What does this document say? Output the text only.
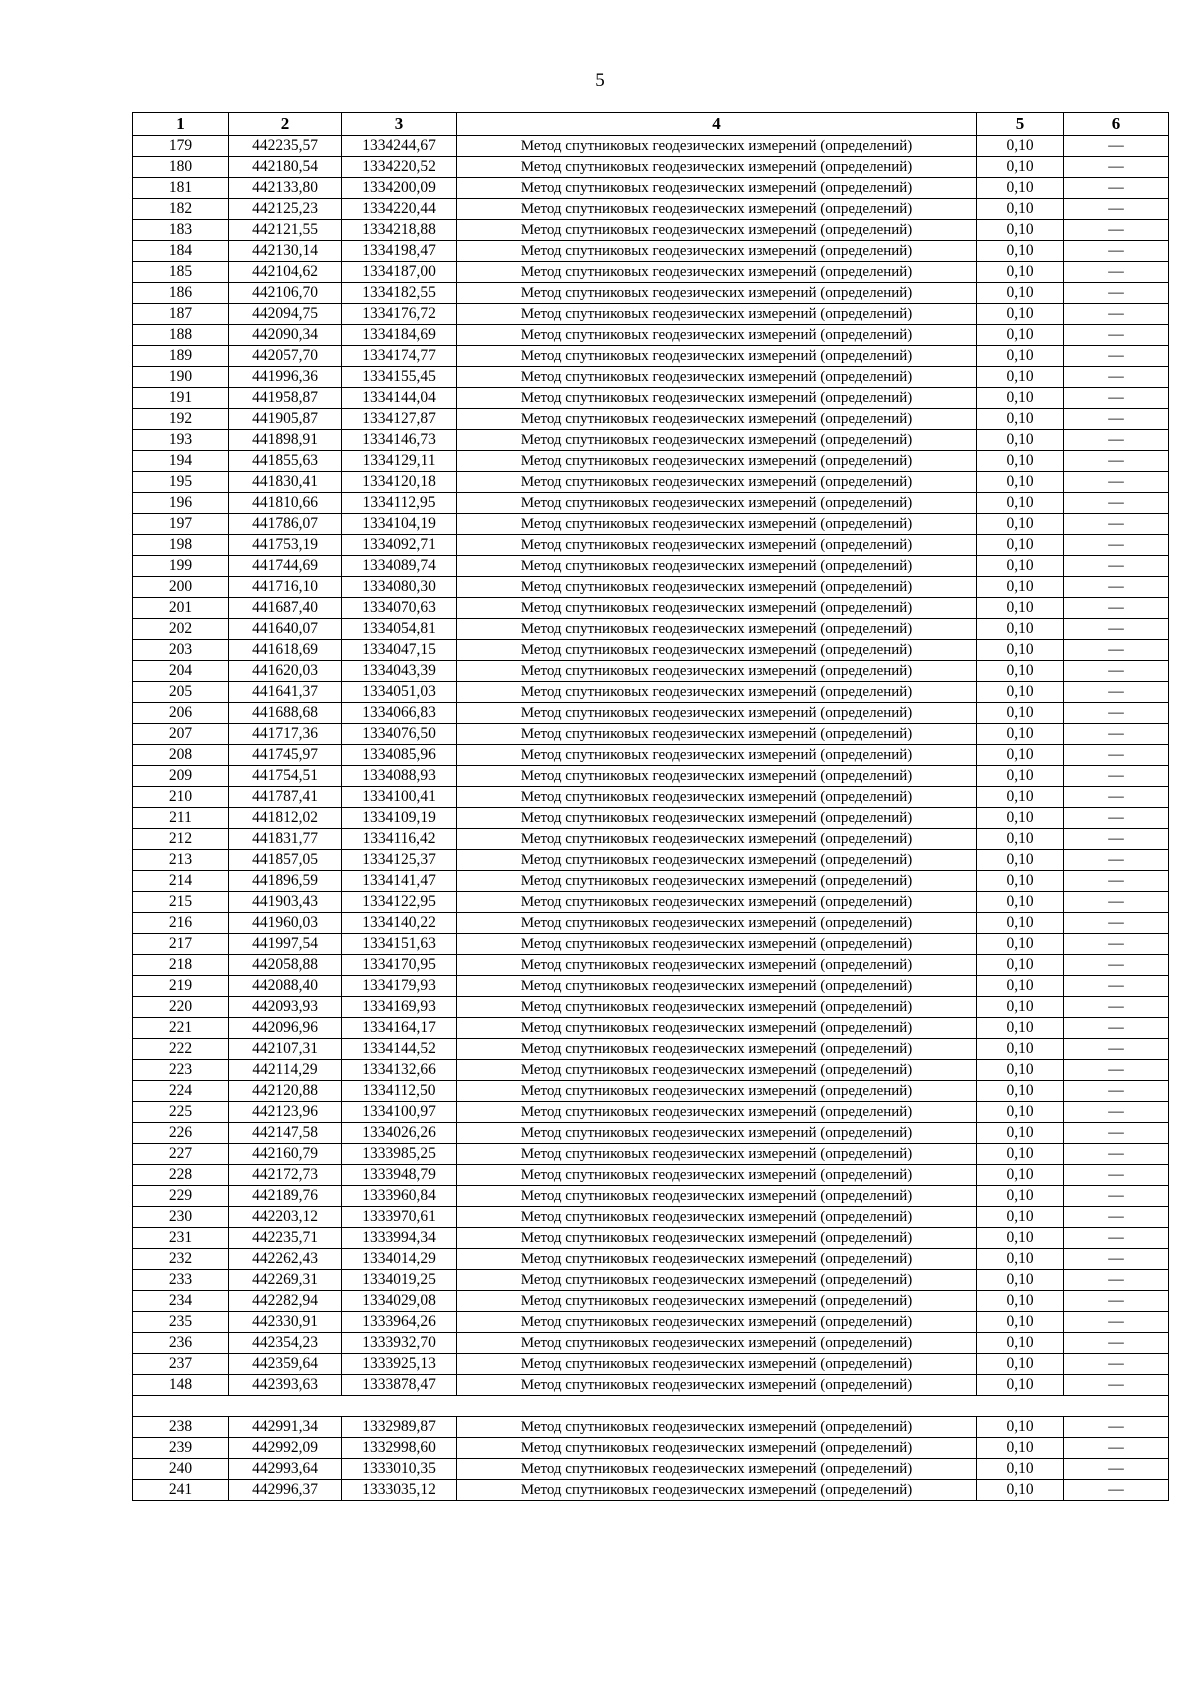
5
1	2	3	4	5	6
179	442235,57	1334244,67	Метод спутниковых геодезических измерений (определений)	0,10	—
180	442180,54	1334220,52	Метод спутниковых геодезических измерений (определений)	0,10	—
181	442133,80	1334200,09	Метод спутниковых геодезических измерений (определений)	0,10	—
182	442125,23	1334220,44	Метод спутниковых геодезических измерений (определений)	0,10	—
183	442121,55	1334218,88	Метод спутниковых геодезических измерений (определений)	0,10	—
184	442130,14	1334198,47	Метод спутниковых геодезических измерений (определений)	0,10	—
185	442104,62	1334187,00	Метод спутниковых геодезических измерений (определений)	0,10	—
186	442106,70	1334182,55	Метод спутниковых геодезических измерений (определений)	0,10	—
187	442094,75	1334176,72	Метод спутниковых геодезических измерений (определений)	0,10	—
188	442090,34	1334184,69	Метод спутниковых геодезических измерений (определений)	0,10	—
189	442057,70	1334174,77	Метод спутниковых геодезических измерений (определений)	0,10	—
190	441996,36	1334155,45	Метод спутниковых геодезических измерений (определений)	0,10	—
191	441958,87	1334144,04	Метод спутниковых геодезических измерений (определений)	0,10	—
192	441905,87	1334127,87	Метод спутниковых геодезических измерений (определений)	0,10	—
193	441898,91	1334146,73	Метод спутниковых геодезических измерений (определений)	0,10	—
194	441855,63	1334129,11	Метод спутниковых геодезических измерений (определений)	0,10	—
195	441830,41	1334120,18	Метод спутниковых геодезических измерений (определений)	0,10	—
196	441810,66	1334112,95	Метод спутниковых геодезических измерений (определений)	0,10	—
197	441786,07	1334104,19	Метод спутниковых геодезических измерений (определений)	0,10	—
198	441753,19	1334092,71	Метод спутниковых геодезических измерений (определений)	0,10	—
199	441744,69	1334089,74	Метод спутниковых геодезических измерений (определений)	0,10	—
200	441716,10	1334080,30	Метод спутниковых геодезических измерений (определений)	0,10	—
201	441687,40	1334070,63	Метод спутниковых геодезических измерений (определений)	0,10	—
202	441640,07	1334054,81	Метод спутниковых геодезических измерений (определений)	0,10	—
203	441618,69	1334047,15	Метод спутниковых геодезических измерений (определений)	0,10	—
204	441620,03	1334043,39	Метод спутниковых геодезических измерений (определений)	0,10	—
205	441641,37	1334051,03	Метод спутниковых геодезических измерений (определений)	0,10	—
206	441688,68	1334066,83	Метод спутниковых геодезических измерений (определений)	0,10	—
207	441717,36	1334076,50	Метод спутниковых геодезических измерений (определений)	0,10	—
208	441745,97	1334085,96	Метод спутниковых геодезических измерений (определений)	0,10	—
209	441754,51	1334088,93	Метод спутниковых геодезических измерений (определений)	0,10	—
210	441787,41	1334100,41	Метод спутниковых геодезических измерений (определений)	0,10	—
211	441812,02	1334109,19	Метод спутниковых геодезических измерений (определений)	0,10	—
212	441831,77	1334116,42	Метод спутниковых геодезических измерений (определений)	0,10	—
213	441857,05	1334125,37	Метод спутниковых геодезических измерений (определений)	0,10	—
214	441896,59	1334141,47	Метод спутниковых геодезических измерений (определений)	0,10	—
215	441903,43	1334122,95	Метод спутниковых геодезических измерений (определений)	0,10	—
216	441960,03	1334140,22	Метод спутниковых геодезических измерений (определений)	0,10	—
217	441997,54	1334151,63	Метод спутниковых геодезических измерений (определений)	0,10	—
218	442058,88	1334170,95	Метод спутниковых геодезических измерений (определений)	0,10	—
219	442088,40	1334179,93	Метод спутниковых геодезических измерений (определений)	0,10	—
220	442093,93	1334169,93	Метод спутниковых геодезических измерений (определений)	0,10	—
221	442096,96	1334164,17	Метод спутниковых геодезических измерений (определений)	0,10	—
222	442107,31	1334144,52	Метод спутниковых геодезических измерений (определений)	0,10	—
223	442114,29	1334132,66	Метод спутниковых геодезических измерений (определений)	0,10	—
224	442120,88	1334112,50	Метод спутниковых геодезических измерений (определений)	0,10	—
225	442123,96	1334100,97	Метод спутниковых геодезических измерений (определений)	0,10	—
226	442147,58	1334026,26	Метод спутниковых геодезических измерений (определений)	0,10	—
227	442160,79	1333985,25	Метод спутниковых геодезических измерений (определений)	0,10	—
228	442172,73	1333948,79	Метод спутниковых геодезических измерений (определений)	0,10	—
229	442189,76	1333960,84	Метод спутниковых геодезических измерений (определений)	0,10	—
230	442203,12	1333970,61	Метод спутниковых геодезических измерений (определений)	0,10	—
231	442235,71	1333994,34	Метод спутниковых геодезических измерений (определений)	0,10	—
232	442262,43	1334014,29	Метод спутниковых геодезических измерений (определений)	0,10	—
233	442269,31	1334019,25	Метод спутниковых геодезических измерений (определений)	0,10	—
234	442282,94	1334029,08	Метод спутниковых геодезических измерений (определений)	0,10	—
235	442330,91	1333964,26	Метод спутниковых геодезических измерений (определений)	0,10	—
236	442354,23	1333932,70	Метод спутниковых геодезических измерений (определений)	0,10	—
237	442359,64	1333925,13	Метод спутниковых геодезических измерений (определений)	0,10	—
148	442393,63	1333878,47	Метод спутниковых геодезических измерений (определений)	0,10	—

238	442991,34	1332989,87	Метод спутниковых геодезических измерений (определений)	0,10	—
239	442992,09	1332998,60	Метод спутниковых геодезических измерений (определений)	0,10	—
240	442993,64	1333010,35	Метод спутниковых геодезических измерений (определений)	0,10	—
241	442996,37	1333035,12	Метод спутниковых геодезических измерений (определений)	0,10	—
